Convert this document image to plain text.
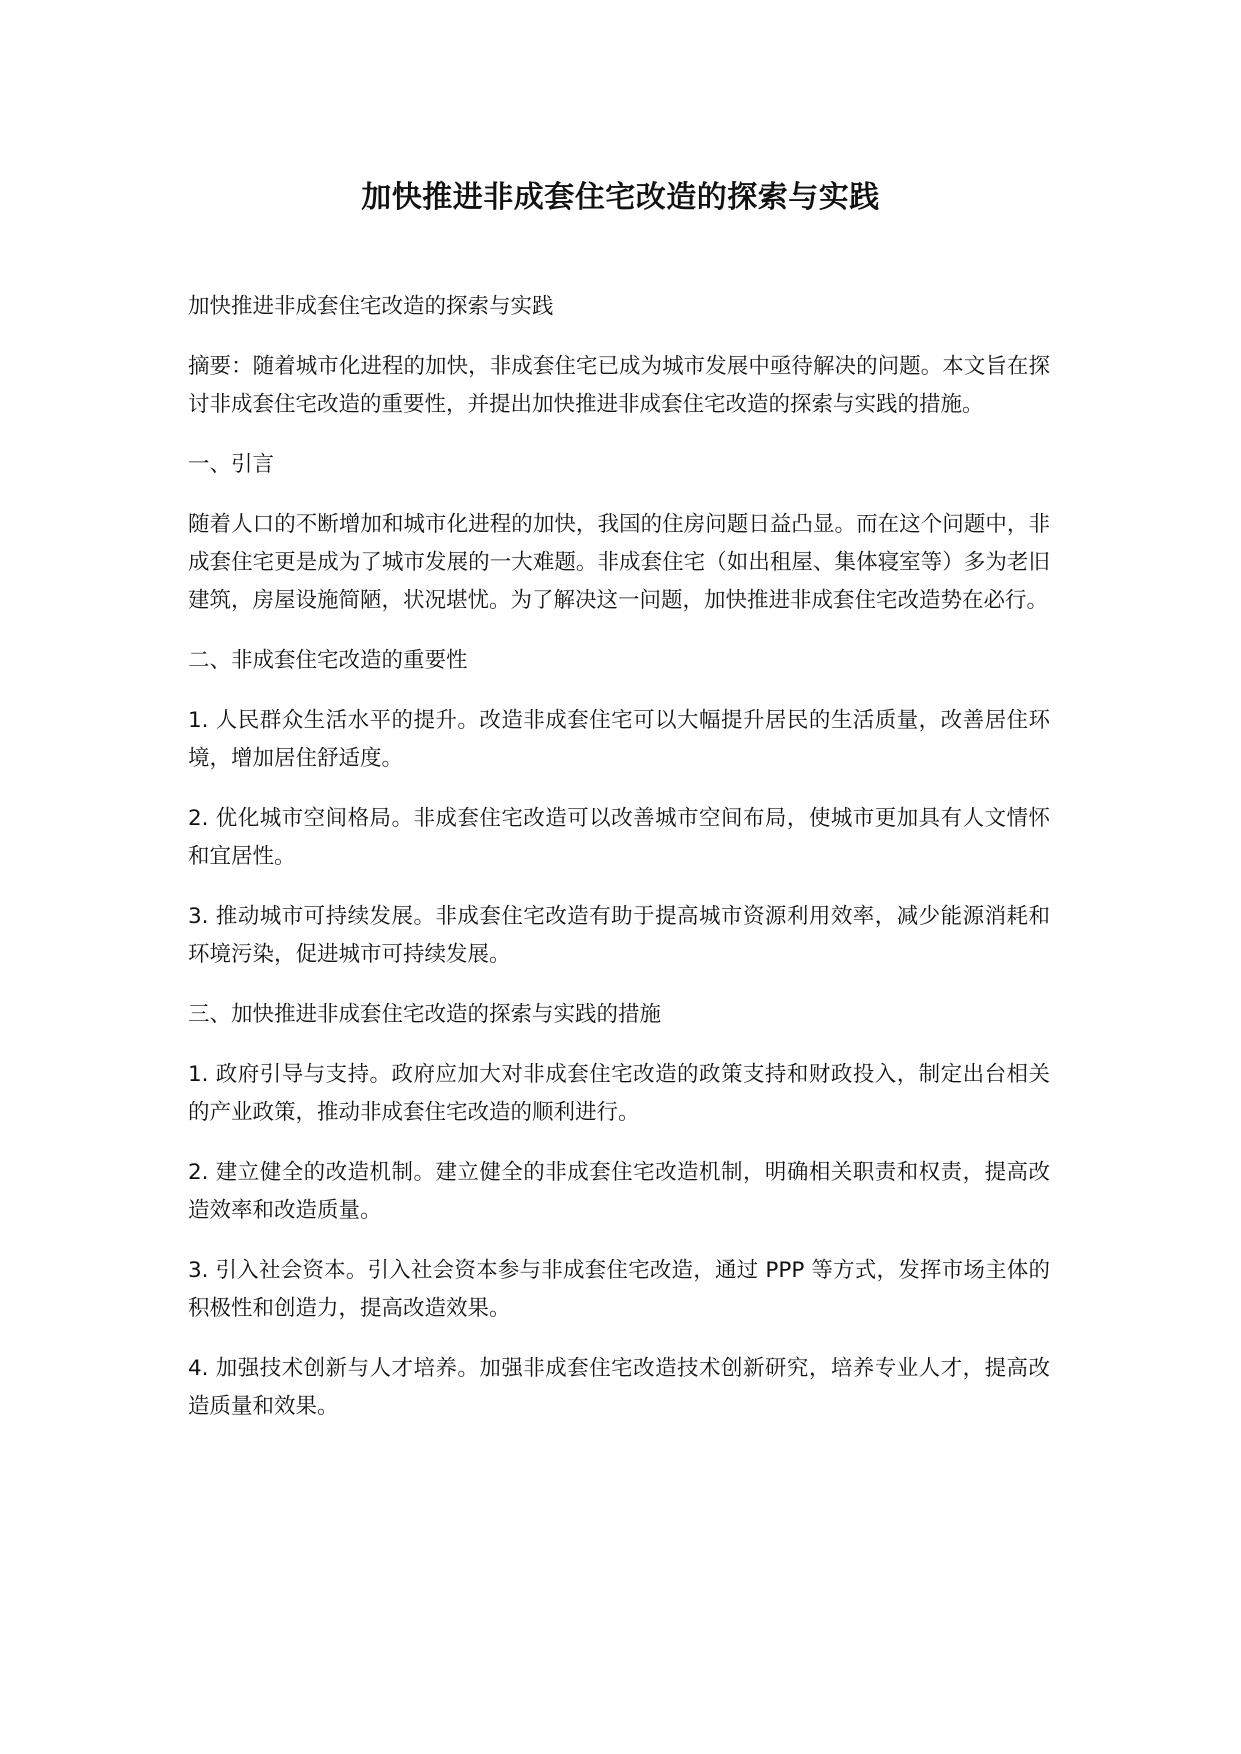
加快推进非成套住宅改造的探索与实践

加快推进非成套住宅改造的探索与实践

摘要：随着城市化进程的加快，非成套住宅已成为城市发展中亟待解决的问题。本文旨在探讨非成套住宅改造的重要性，并提出加快推进非成套住宅改造的探索与实践的措施。

一、引言

随着人口的不断增加和城市化进程的加快，我国的住房问题日益凸显。而在这个问题中，非成套住宅更是成为了城市发展的一大难题。非成套住宅（如出租屋、集体寝室等）多为老旧建筑，房屋设施简陋，状况堪忧。为了解决这一问题，加快推进非成套住宅改造势在必行。

二、非成套住宅改造的重要性

1. 人民群众生活水平的提升。改造非成套住宅可以大幅提升居民的生活质量，改善居住环境，增加居住舒适度。

2. 优化城市空间格局。非成套住宅改造可以改善城市空间布局，使城市更加具有人文情怀和宜居性。

3. 推动城市可持续发展。非成套住宅改造有助于提高城市资源利用效率，减少能源消耗和环境污染，促进城市可持续发展。

三、加快推进非成套住宅改造的探索与实践的措施

1. 政府引导与支持。政府应加大对非成套住宅改造的政策支持和财政投入，制定出台相关的产业政策，推动非成套住宅改造的顺利进行。

2. 建立健全的改造机制。建立健全的非成套住宅改造机制，明确相关职责和权责，提高改造效率和改造质量。

3. 引入社会资本。引入社会资本参与非成套住宅改造，通过 PPP 等方式，发挥市场主体的积极性和创造力，提高改造效果。

4. 加强技术创新与人才培养。加强非成套住宅改造技术创新研究，培养专业人才，提高改造质量和效果。
